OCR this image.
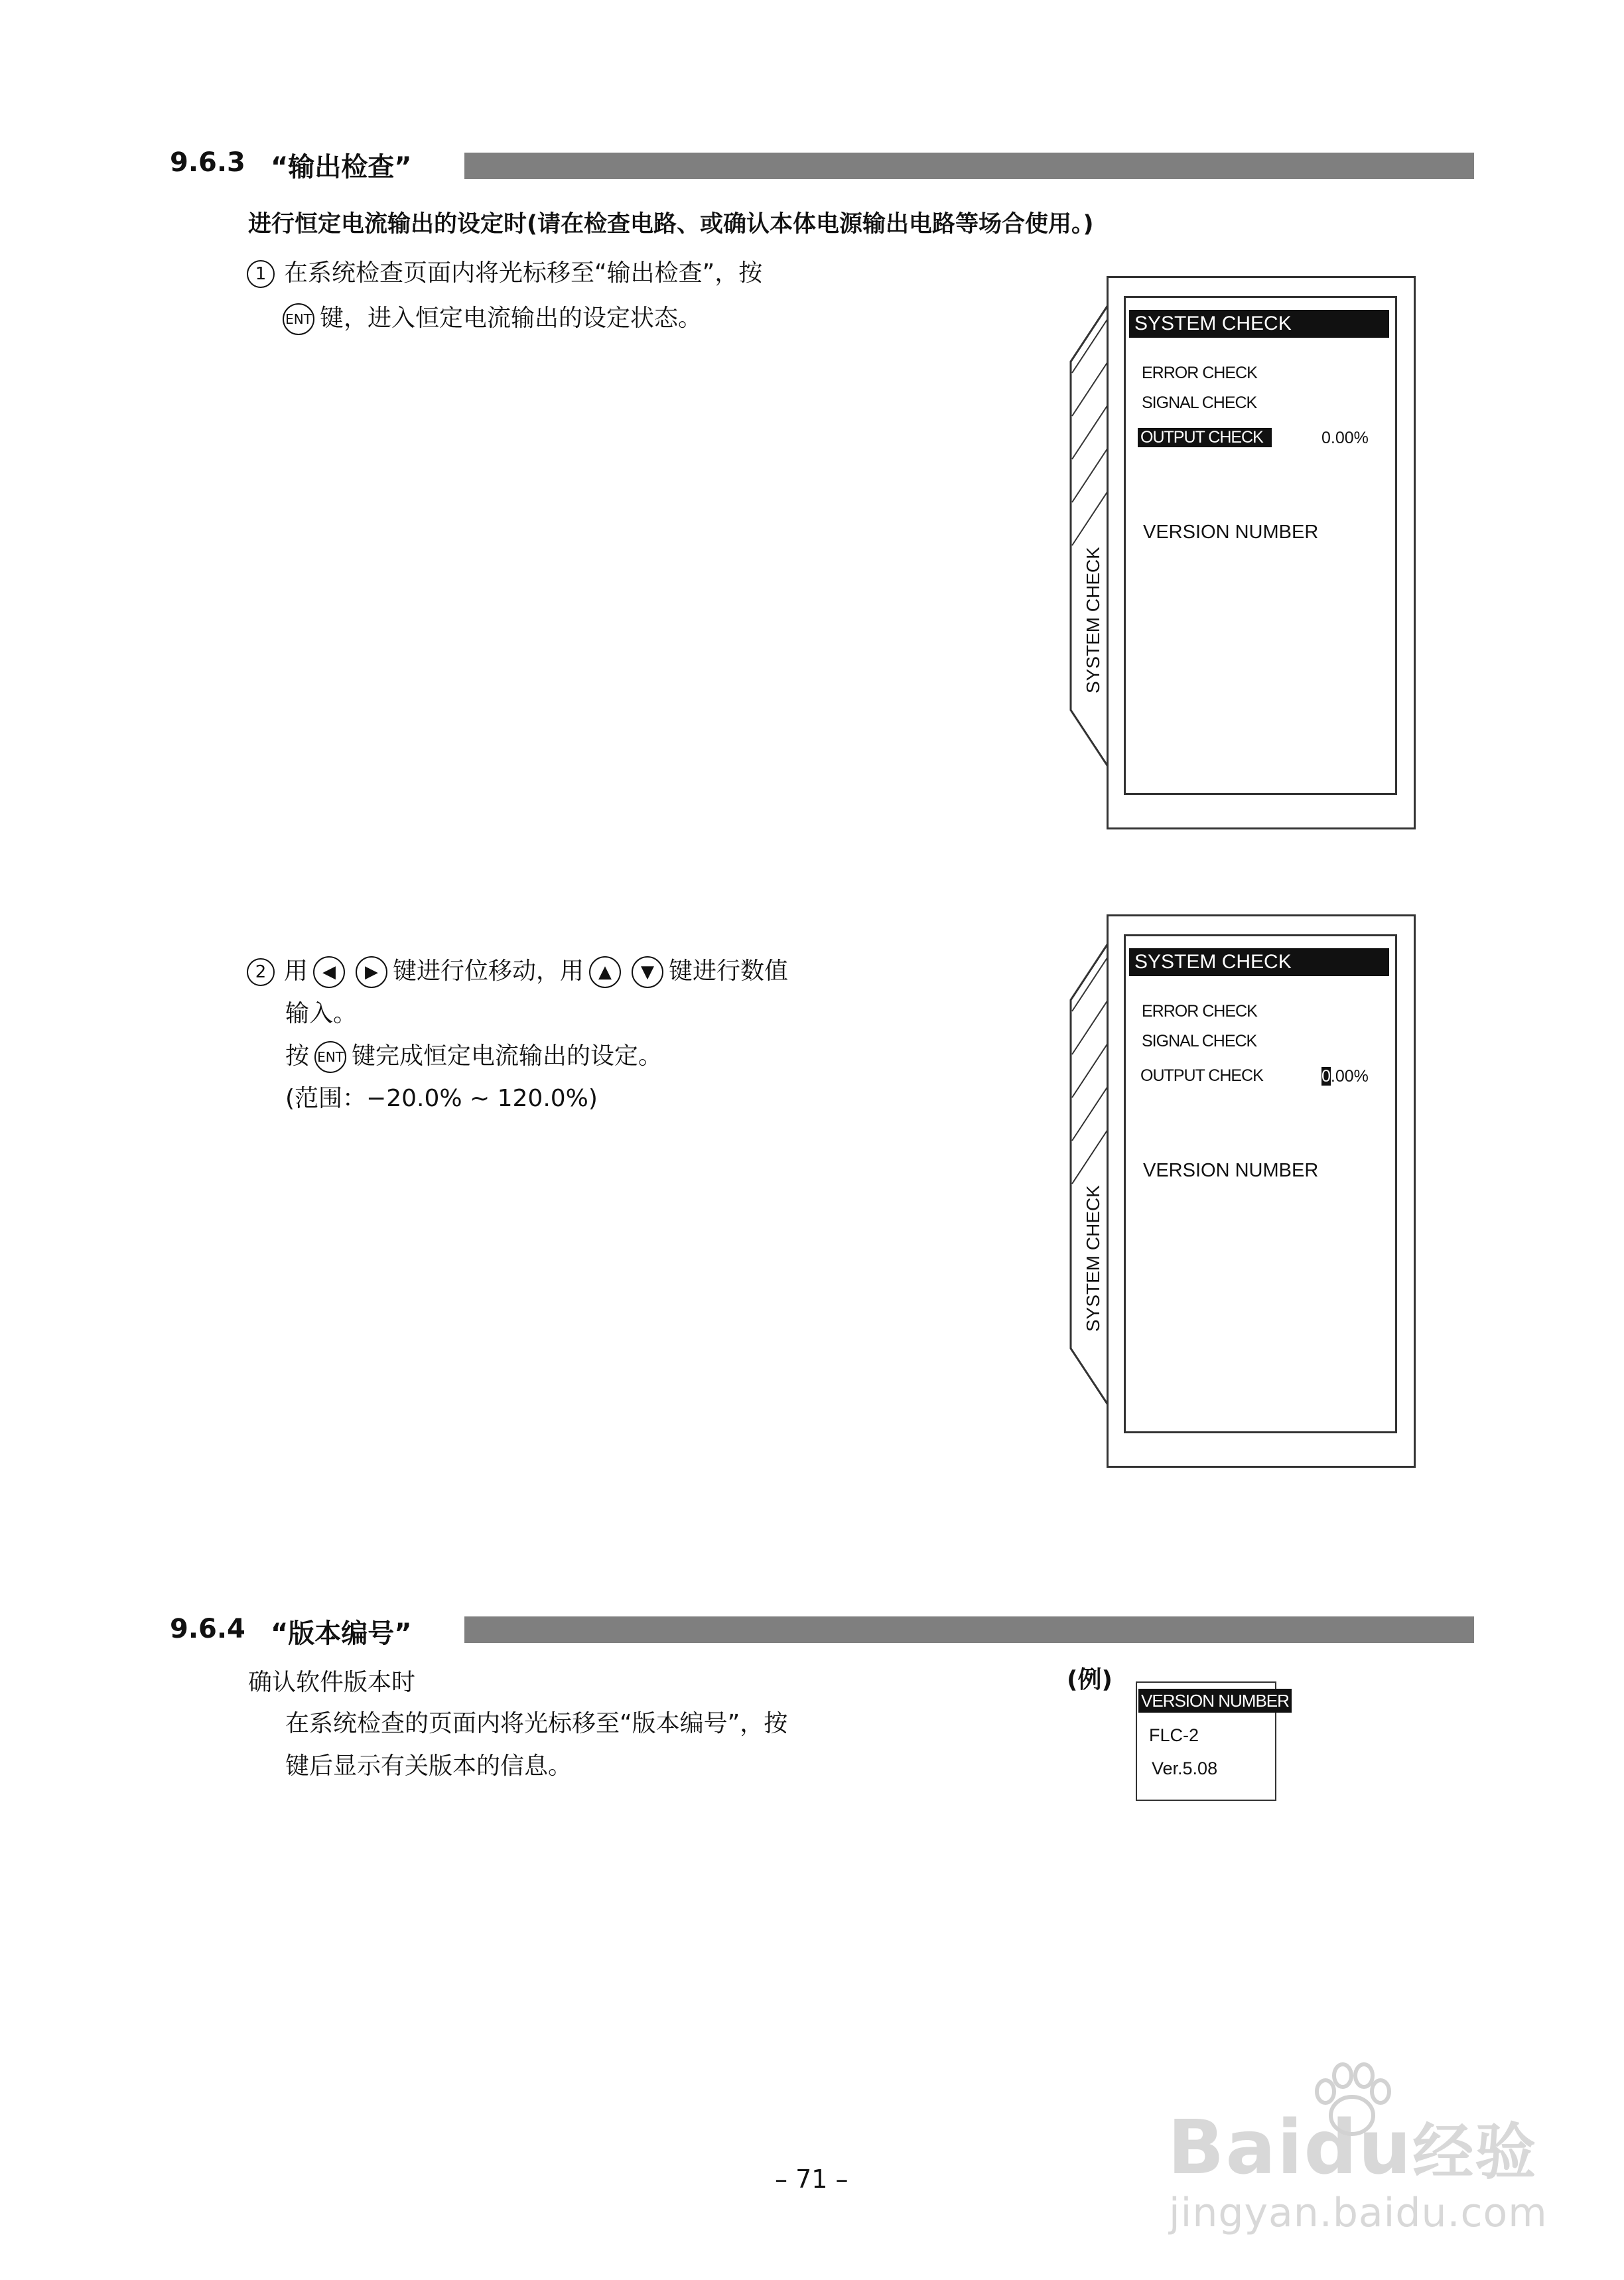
9.6.3 “输出检查”
进行恒定电流输出的设定时(请在检查电路、或确认本体电源输出电路等场合使用。)
1 在系统检查页面内将光标移至“输出检查”，按
ENT 键，进入恒定电流输出的设定状态。	SYSTEM CHECK
ERROR CHECK
SIGNAL CHECK
OUTPUT CHECK	0.00%
VERSION NUMBER
SYSTEM CHECK
2 用 ◀ ▶ 键进行位移动，用 ▲ ▼ 键进行数值
输入。
按 ENT 键完成恒定电流输出的设定。
(范围：−20.0% ~ 120.0%)
SYSTEM CHECK
ERROR CHECK
SIGNAL CHECK
OUTPUT CHECK	0.00%
VERSION NUMBER
SYSTEM CHECK
9.6.4 “版本编号”
确认软件版本时
在系统检查的页面内将光标移至“版本编号”，按
键后显示有关版本的信息。
(例)
VERSION NUMBER
FLC-2
Ver.5.08
– 71 –	Baidu经验
jingyan.baidu.com
